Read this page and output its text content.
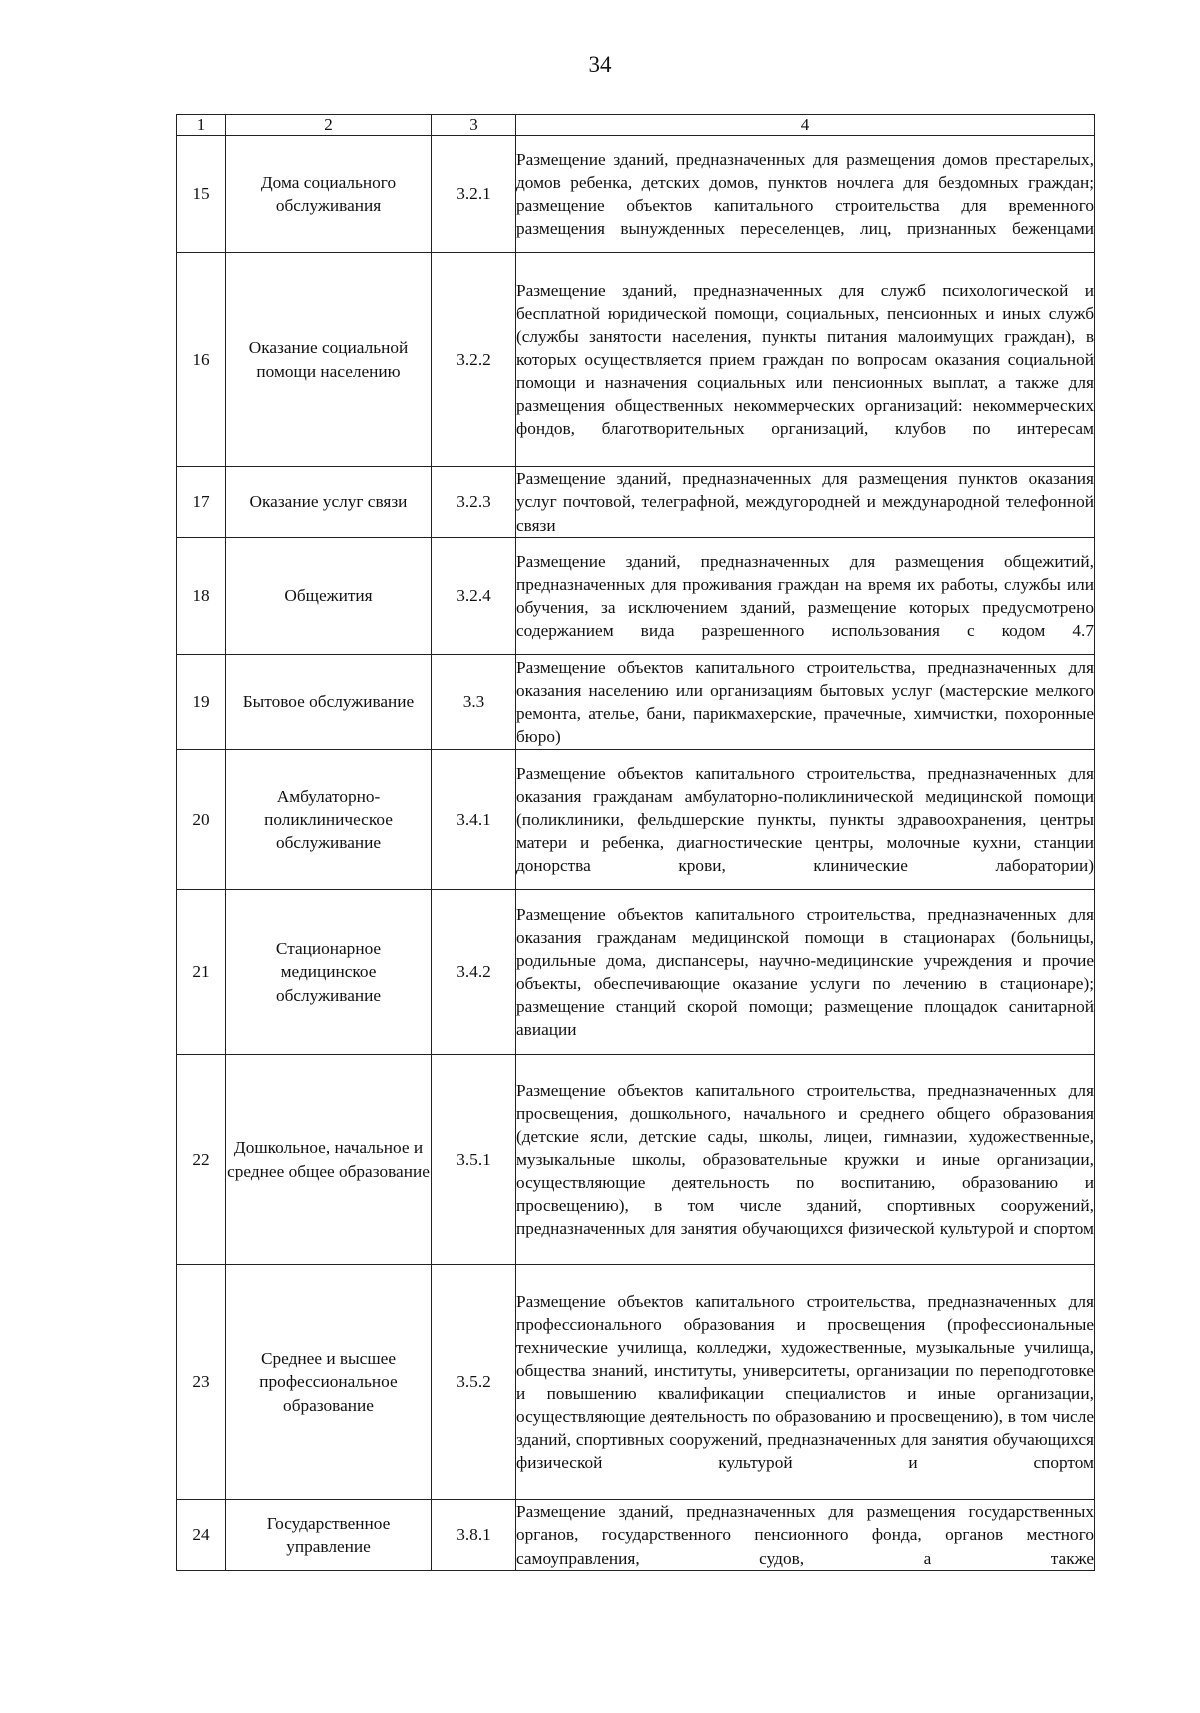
34
1	2	3	4
15	Дома социального обслуживания	3.2.1	Размещение зданий, предназначенных для размещения домов престарелых, домов ребенка, детских домов, пунктов ночлега для бездомных граждан; размещение объектов капитального строительства для временного размещения вынужденных переселенцев, лиц, признанных беженцами
16	Оказание социальной помощи населению	3.2.2	Размещение зданий, предназначенных для служб психологической и бесплатной юридической помощи, социальных, пенсионных и иных служб (службы занятости населения, пункты питания малоимущих граждан), в которых осуществляется прием граждан по вопросам оказания социальной помощи и назначения социальных или пенсионных выплат, а также для размещения общественных некоммерческих организаций: некоммерческих фондов, благотворительных организаций, клубов по интересам
17	Оказание услуг связи	3.2.3	Размещение зданий, предназначенных для размещения пунктов оказания услуг почтовой, телеграфной, междугородней и международной телефонной связи
18	Общежития	3.2.4	Размещение зданий, предназначенных для размещения общежитий, предназначенных для проживания граждан на время их работы, службы или обучения, за исключением зданий, размещение которых предусмотрено содержанием вида разрешенного использования с кодом 4.7
19	Бытовое обслуживание	3.3	Размещение объектов капитального строительства, предназначенных для оказания населению или организациям бытовых услуг (мастерские мелкого ремонта, ателье, бани, парикмахерские, прачечные, химчистки, похоронные бюро)
20	Амбулаторно-поликлиническое обслуживание	3.4.1	Размещение объектов капитального строительства, предназначенных для оказания гражданам амбулаторно-поликлинической медицинской помощи (поликлиники, фельдшерские пункты, пункты здравоохранения, центры матери и ребенка, диагностические центры, молочные кухни, станции донорства крови, клинические лаборатории)
21	Стационарное медицинское обслуживание	3.4.2	Размещение объектов капитального строительства, предназначенных для оказания гражданам медицинской помощи в стационарах (больницы, родильные дома, диспансеры, научно-медицинские учреждения и прочие объекты, обеспечивающие оказание услуги по лечению в стационаре); размещение станций скорой помощи; размещение площадок санитарной авиации
22	Дошкольное, начальное и среднее общее образование	3.5.1	Размещение объектов капитального строительства, предназначенных для просвещения, дошкольного, начального и среднего общего образования (детские ясли, детские сады, школы, лицеи, гимназии, художественные, музыкальные школы, образовательные кружки и иные организации, осуществляющие деятельность по воспитанию, образованию и просвещению), в том числе зданий, спортивных сооружений, предназначенных для занятия обучающихся физической культурой и спортом
23	Среднее и высшее профессиональное образование	3.5.2	Размещение объектов капитального строительства, предназначенных для профессионального образования и просвещения (профессиональные технические училища, колледжи, художественные, музыкальные училища, общества знаний, институты, университеты, организации по переподготовке и повышению квалификации специалистов и иные организации, осуществляющие деятельность по образованию и просвещению), в том числе зданий, спортивных сооружений, предназначенных для занятия обучающихся физической культурой и спортом
24	Государственное управление	3.8.1	Размещение зданий, предназначенных для размещения государственных органов, государственного пенсионного фонда, органов местного самоуправления, судов, а также
